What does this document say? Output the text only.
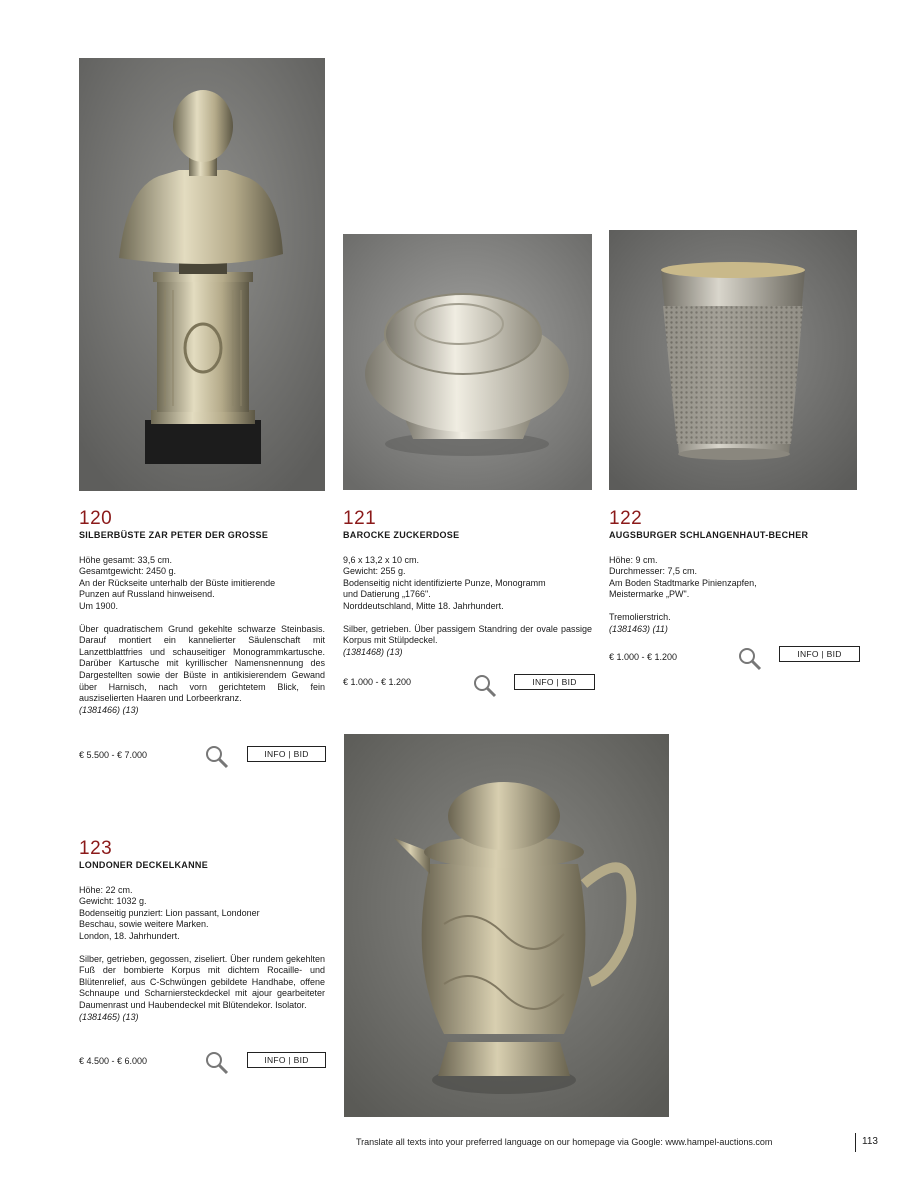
120
SILBERBÜSTE ZAR PETER DER GROSSE

Höhe gesamt: 33,5 cm.

Gesamtgewicht: 2450 g.

An der Rückseite unterhalb der Büste imitierende

Punzen auf Russland hinweisend.

Um 1900.

Über quadratischem Grund gekehlte schwarze Steinbasis. Darauf montiert ein kannelierter Säulenschaft mit Lanzettblattfries und schauseitiger Monogrammkartusche. Darüber Kartusche mit kyrillischer Namensnennung des Dargestellten sowie der Büste in antikisierendem Gewand über Harnisch, nach vorn gerichtetem Blick, fein ausziselierten Haaren und Lorbeerkranz.

(1381466) (13)

€ 5.500 - € 7.000	INFO | BID
121
BAROCKE ZUCKERDOSE

9,6 x 13,2 x 10 cm.

Gewicht: 255 g.

Bodenseitig nicht identifizierte Punze, Monogramm

und Datierung „1766".

Norddeutschland, Mitte 18. Jahrhundert.

Silber, getrieben. Über passigem Standring der ovale passige Korpus mit Stülpdeckel.

(1381468) (13)

€ 1.000 - € 1.200	INFO | BID
122
AUGSBURGER SCHLANGENHAUT-BECHER

Höhe: 9 cm.

Durchmesser: 7,5 cm.

Am Boden Stadtmarke Pinienzapfen,

Meistermarke „PW".

Tremolierstrich.

(1381463) (11)

€ 1.000 - € 1.200	INFO | BID
123
LONDONER DECKELKANNE

Höhe: 22 cm.

Gewicht: 1032 g.

Bodenseitig punziert: Lion passant, Londoner

Beschau, sowie weitere Marken.

London, 18. Jahrhundert.

Silber, getrieben, gegossen, ziseliert. Über rundem gekehlten Fuß der bombierte Korpus mit dichtem Rocaille- und Blütenrelief, aus C-Schwüngen gebildete Handhabe, offene Schnaupe und Scharniersteckdeckel mit ajour gearbeiteter Daumenrast und Haubendeckel mit Blütendekor. Isolator.

(1381465) (13)

€ 4.500 - € 6.000	INFO | BID
Translate all texts into your preferred language on our homepage via Google: www.hampel-auctions.com	113
